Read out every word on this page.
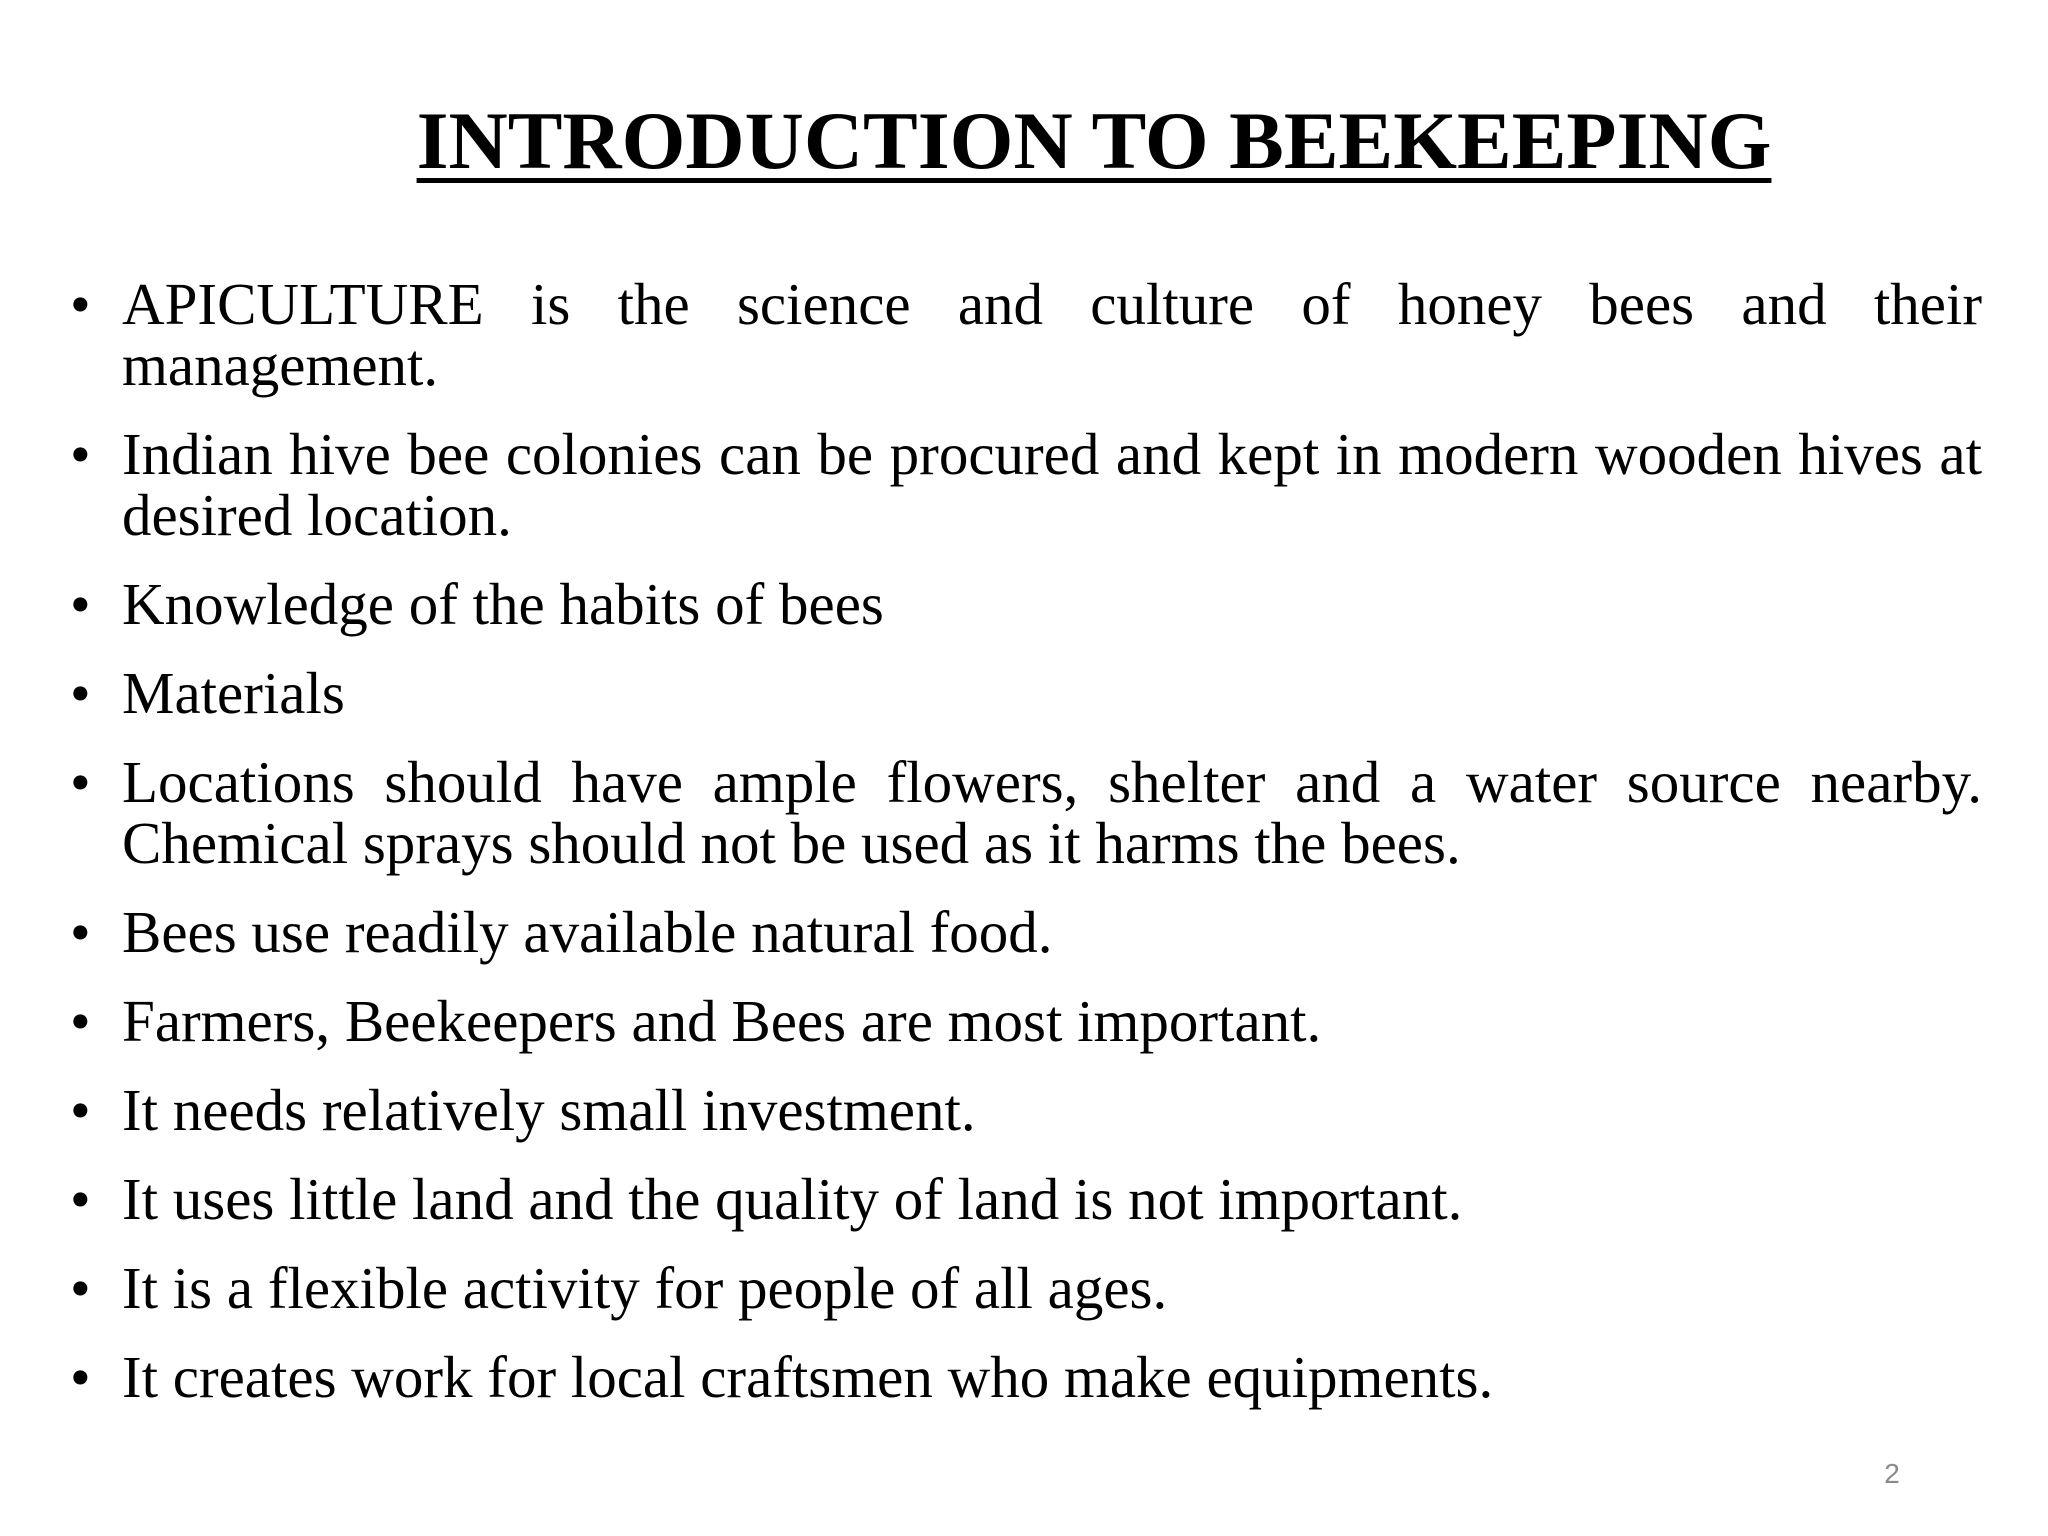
INTRODUCTION TO BEEKEEPING
• APICULTURE is the science and culture of honey bees and their management.
• Indian hive bee colonies can be procured and kept in modern wooden hives at desired location.
• Knowledge of the habits of bees
• Materials
• Locations should have ample flowers, shelter and a water source nearby. Chemical sprays should not be used as it harms the bees.
• Bees use readily available natural food.
• Farmers, Beekeepers and Bees are most important.
• It needs relatively small investment.
• It uses little land and the quality of land is not important.
• It is a flexible activity for people of all ages.
• It creates work for local craftsmen who make equipments.
2
